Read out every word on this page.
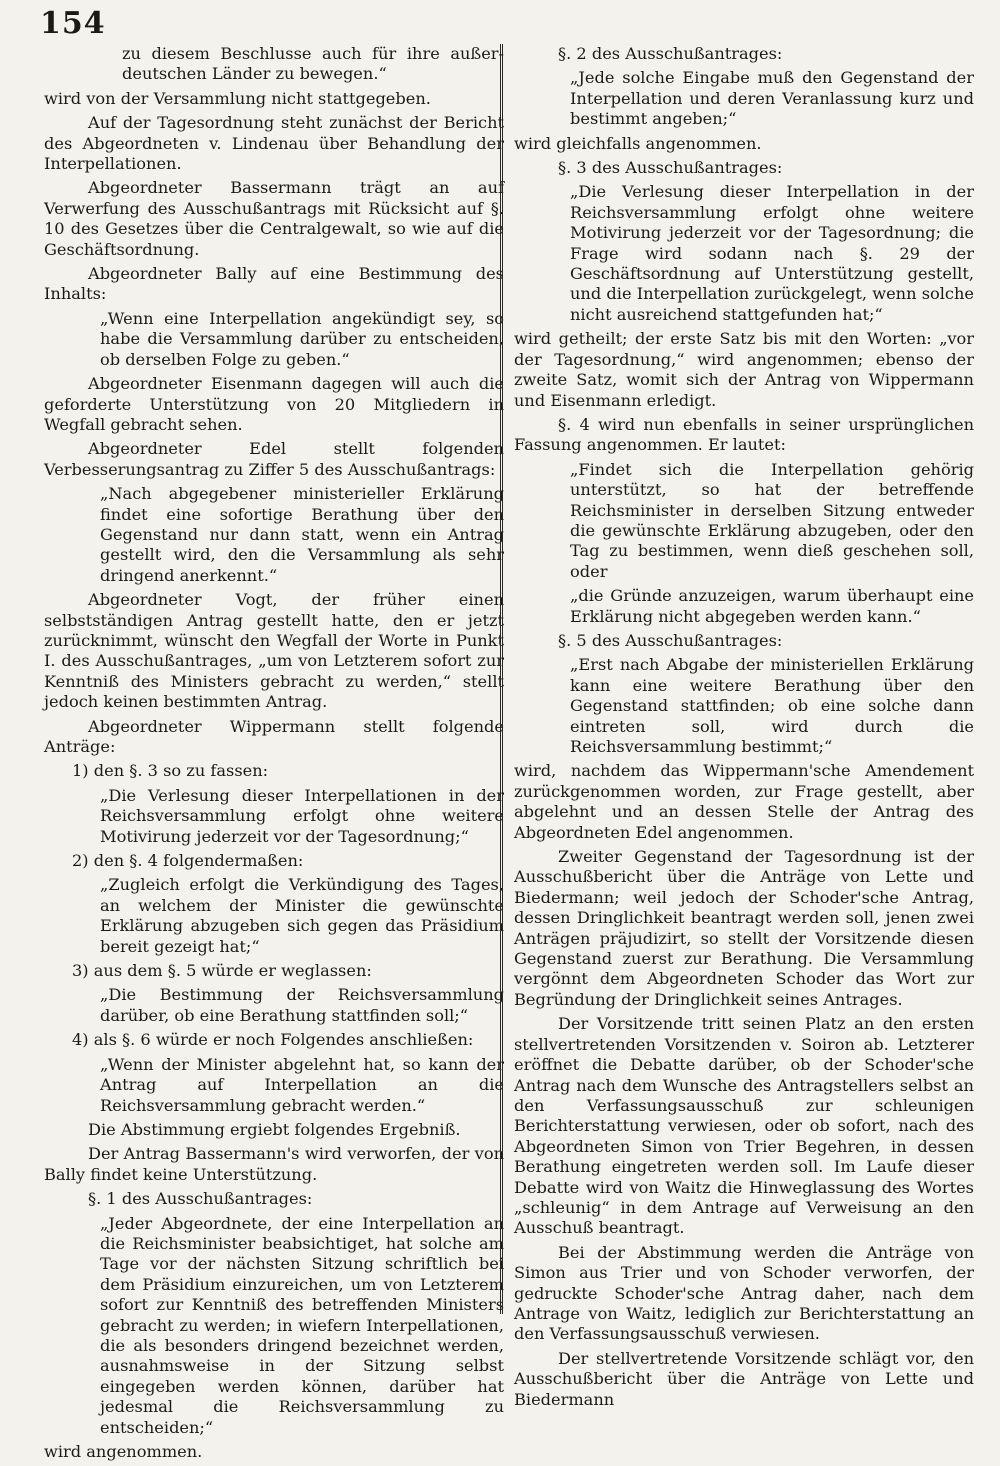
154

zu diesem Beschlusse auch für ihre außer-deutschen Länder zu bewegen.“

wird von der Versammlung nicht stattgegeben.

Auf der Tagesordnung steht zunächst der Bericht des Abgeordneten v. Lindenau über Behandlung der Interpellationen.

Abgeordneter Bassermann trägt an auf Verwerfung des Ausschußantrags mit Rücksicht auf §. 10 des Gesetzes über die Centralgewalt, so wie auf die Geschäftsordnung.

Abgeordneter Bally auf eine Bestimmung des Inhalts:

„Wenn eine Interpellation angekündigt sey, so habe die Versammlung darüber zu entscheiden, ob derselben Folge zu geben.“

Abgeordneter Eisenmann dagegen will auch die geforderte Unterstützung von 20 Mitgliedern in Wegfall gebracht sehen.

Abgeordneter Edel stellt folgenden Verbesserungsantrag zu Ziffer 5 des Ausschußantrags:

„Nach abgegebener ministerieller Erklärung findet eine sofortige Berathung über den Gegenstand nur dann statt, wenn ein Antrag gestellt wird, den die Versammlung als sehr dringend anerkennt.“

Abgeordneter Vogt, der früher einen selbstständigen Antrag gestellt hatte, den er jetzt zurücknimmt, wünscht den Wegfall der Worte in Punkt I. des Ausschußantrages, „um von Letzterem sofort zur Kenntniß des Ministers gebracht zu werden,“ stellt jedoch keinen bestimmten Antrag.

Abgeordneter Wippermann stellt folgende Anträge:

1) den §. 3 so zu fassen:

„Die Verlesung dieser Interpellationen in der Reichsversammlung erfolgt ohne weitere Motivirung jederzeit vor der Tagesordnung;“

2) den §. 4 folgendermaßen:

„Zugleich erfolgt die Verkündigung des Tages, an welchem der Minister die gewünschte Erklärung abzugeben sich gegen das Präsidium bereit gezeigt hat;“

3) aus dem §. 5 würde er weglassen:

„Die Bestimmung der Reichsversammlung darüber, ob eine Berathung stattfinden soll;“

4) als §. 6 würde er noch Folgendes anschließen:

„Wenn der Minister abgelehnt hat, so kann der Antrag auf Interpellation an die Reichsversammlung gebracht werden.“

Die Abstimmung ergiebt folgendes Ergebniß.

Der Antrag Bassermann's wird verworfen, der von Bally findet keine Unterstützung.

§. 1 des Ausschußantrages:

„Jeder Abgeordnete, der eine Interpellation an die Reichsminister beabsichtiget, hat solche am Tage vor der nächsten Sitzung schriftlich bei dem Präsidium einzureichen, um von Letzterem sofort zur Kenntniß des betreffenden Ministers gebracht zu werden; in wiefern Interpellationen, die als besonders dringend bezeichnet werden, ausnahmsweise in der Sitzung selbst eingegeben werden können, darüber hat jedesmal die Reichsversammlung zu entscheiden;“

wird angenommen.

§. 2 des Ausschußantrages:

„Jede solche Eingabe muß den Gegenstand der Interpellation und deren Veranlassung kurz und bestimmt angeben;“

wird gleichfalls angenommen.

§. 3 des Ausschußantrages:

„Die Verlesung dieser Interpellation in der Reichsversammlung erfolgt ohne weitere Motivirung jederzeit vor der Tagesordnung; die Frage wird sodann nach §. 29 der Geschäftsordnung auf Unterstützung gestellt, und die Interpellation zurückgelegt, wenn solche nicht ausreichend stattgefunden hat;“

wird getheilt; der erste Satz bis mit den Worten: „vor der Tagesordnung,“ wird angenommen; ebenso der zweite Satz, womit sich der Antrag von Wippermann und Eisenmann erledigt.

§. 4 wird nun ebenfalls in seiner ursprünglichen Fassung angenommen. Er lautet:

„Findet sich die Interpellation gehörig unterstützt, so hat der betreffende Reichsminister in derselben Sitzung entweder die gewünschte Erklärung abzugeben, oder den Tag zu bestimmen, wenn dieß geschehen soll, oder

„die Gründe anzuzeigen, warum überhaupt eine Erklärung nicht abgegeben werden kann.“

§. 5 des Ausschußantrages:

„Erst nach Abgabe der ministeriellen Erklärung kann eine weitere Berathung über den Gegenstand stattfinden; ob eine solche dann eintreten soll, wird durch die Reichsversammlung bestimmt;“

wird, nachdem das Wippermann'sche Amendement zurückgenommen worden, zur Frage gestellt, aber abgelehnt und an dessen Stelle der Antrag des Abgeordneten Edel angenommen.

Zweiter Gegenstand der Tagesordnung ist der Ausschußbericht über die Anträge von Lette und Biedermann; weil jedoch der Schoder'sche Antrag, dessen Dringlichkeit beantragt werden soll, jenen zwei Anträgen präjudizirt, so stellt der Vorsitzende diesen Gegenstand zuerst zur Berathung. Die Versammlung vergönnt dem Abgeordneten Schoder das Wort zur Begründung der Dringlichkeit seines Antrages.

Der Vorsitzende tritt seinen Platz an den ersten stellvertretenden Vorsitzenden v. Soiron ab. Letzterer eröffnet die Debatte darüber, ob der Schoder'sche Antrag nach dem Wunsche des Antragstellers selbst an den Verfassungsausschuß zur schleunigen Berichterstattung verwiesen, oder ob sofort, nach des Abgeordneten Simon von Trier Begehren, in dessen Berathung eingetreten werden soll. Im Laufe dieser Debatte wird von Waitz die Hinweglassung des Wortes „schleunig“ in dem Antrage auf Verweisung an den Ausschuß beantragt.

Bei der Abstimmung werden die Anträge von Simon aus Trier und von Schoder verworfen, der gedruckte Schoder'sche Antrag daher, nach dem Antrage von Waitz, lediglich zur Berichterstattung an den Verfassungsausschuß verwiesen.

Der stellvertretende Vorsitzende schlägt vor, den Ausschußbericht über die Anträge von Lette und Biedermann
